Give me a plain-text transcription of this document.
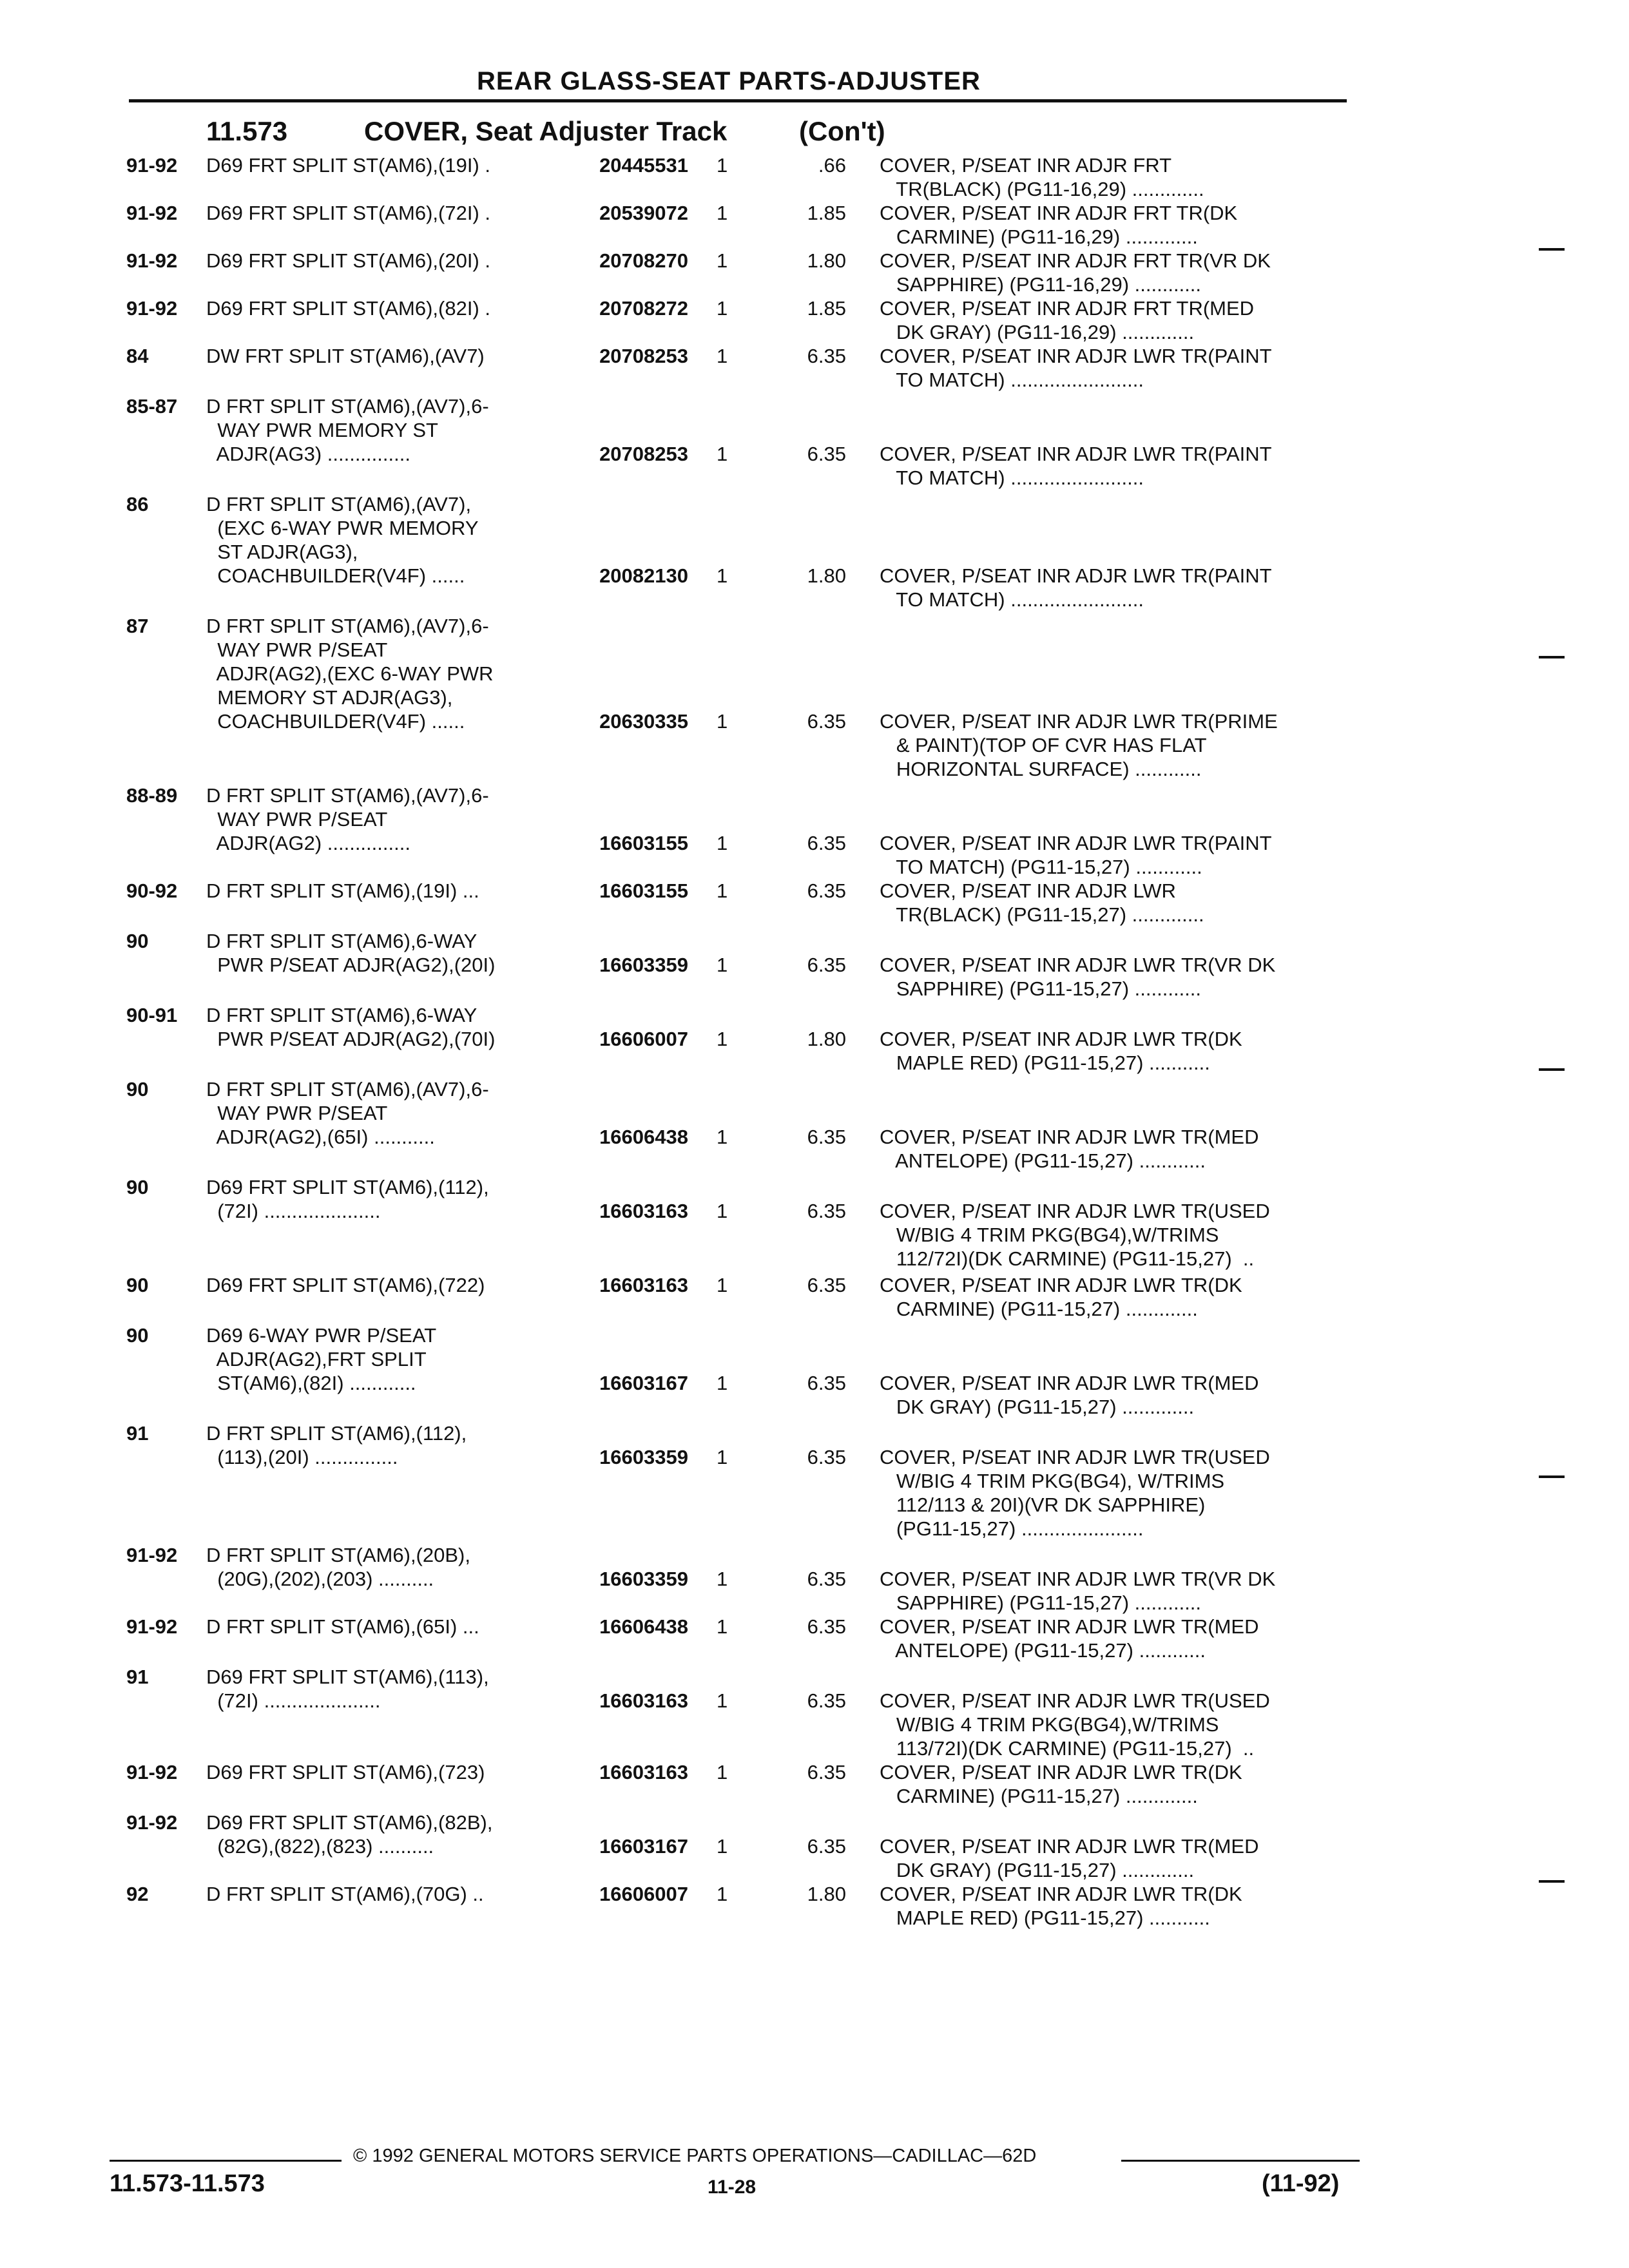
REAR GLASS-SEAT PARTS-ADJUSTER
11.573	COVER, Seat Adjuster Track	(Con't)
91-92	D69 FRT SPLIT ST(AM6),(19I) .	20445531	1	.66	COVER, P/SEAT INR ADJR FRT
TR(BLACK) (PG11-16,29) .............
91-92	D69 FRT SPLIT ST(AM6),(72I) .	20539072	1	1.85	COVER, P/SEAT INR ADJR FRT TR(DK
CARMINE) (PG11-16,29) .............
91-92	D69 FRT SPLIT ST(AM6),(20I) .	20708270	1	1.80	COVER, P/SEAT INR ADJR FRT TR(VR DK
SAPPHIRE) (PG11-16,29) ............
91-92	D69 FRT SPLIT ST(AM6),(82I) .	20708272	1	1.85	COVER, P/SEAT INR ADJR FRT TR(MED
DK GRAY) (PG11-16,29) .............
84	DW FRT SPLIT ST(AM6),(AV7)	20708253	1	6.35	COVER, P/SEAT INR ADJR LWR TR(PAINT
TO MATCH) ........................
85-87	D FRT SPLIT ST(AM6),(AV7),6-
WAY PWR MEMORY ST
ADJR(AG3) ...............	20708253	1	6.35	COVER, P/SEAT INR ADJR LWR TR(PAINT
TO MATCH) ........................
86	D FRT SPLIT ST(AM6),(AV7),
(EXC 6-WAY PWR MEMORY
ST ADJR(AG3),
COACHBUILDER(V4F) ......	20082130	1	1.80	COVER, P/SEAT INR ADJR LWR TR(PAINT
TO MATCH) ........................
87	D FRT SPLIT ST(AM6),(AV7),6-
WAY PWR P/SEAT
ADJR(AG2),(EXC 6-WAY PWR
MEMORY ST ADJR(AG3),
COACHBUILDER(V4F) ......	20630335	1	6.35	COVER, P/SEAT INR ADJR LWR TR(PRIME
& PAINT)(TOP OF CVR HAS FLAT
HORIZONTAL SURFACE) ............
88-89	D FRT SPLIT ST(AM6),(AV7),6-
WAY PWR P/SEAT
ADJR(AG2) ...............	16603155	1	6.35	COVER, P/SEAT INR ADJR LWR TR(PAINT
TO MATCH) (PG11-15,27) ............
90-92	D FRT SPLIT ST(AM6),(19I) ...	16603155	1	6.35	COVER, P/SEAT INR ADJR LWR
TR(BLACK) (PG11-15,27) .............
90	D FRT SPLIT ST(AM6),6-WAY
PWR P/SEAT ADJR(AG2),(20I)	16603359	1	6.35	COVER, P/SEAT INR ADJR LWR TR(VR DK
SAPPHIRE) (PG11-15,27) ............
90-91	D FRT SPLIT ST(AM6),6-WAY
PWR P/SEAT ADJR(AG2),(70I)	16606007	1	1.80	COVER, P/SEAT INR ADJR LWR TR(DK
MAPLE RED) (PG11-15,27) ...........
90	D FRT SPLIT ST(AM6),(AV7),6-
WAY PWR P/SEAT
ADJR(AG2),(65I) ...........	16606438	1	6.35	COVER, P/SEAT INR ADJR LWR TR(MED
ANTELOPE) (PG11-15,27) ............
90	D69 FRT SPLIT ST(AM6),(112),
(72I) .....................	16603163	1	6.35	COVER, P/SEAT INR ADJR LWR TR(USED
W/BIG 4 TRIM PKG(BG4),W/TRIMS
112/72I)(DK CARMINE) (PG11-15,27)  ..
90	D69 FRT SPLIT ST(AM6),(722)	16603163	1	6.35	COVER, P/SEAT INR ADJR LWR TR(DK
CARMINE) (PG11-15,27) .............
90	D69 6-WAY PWR P/SEAT
ADJR(AG2),FRT SPLIT
ST(AM6),(82I) ............	16603167	1	6.35	COVER, P/SEAT INR ADJR LWR TR(MED
DK GRAY) (PG11-15,27) .............
91	D FRT SPLIT ST(AM6),(112),
(113),(20I) ...............	16603359	1	6.35	COVER, P/SEAT INR ADJR LWR TR(USED
W/BIG 4 TRIM PKG(BG4), W/TRIMS
112/113 & 20I)(VR DK SAPPHIRE)
(PG11-15,27) ......................
91-92	D FRT SPLIT ST(AM6),(20B),
(20G),(202),(203) ..........	16603359	1	6.35	COVER, P/SEAT INR ADJR LWR TR(VR DK
SAPPHIRE) (PG11-15,27) ............
91-92	D FRT SPLIT ST(AM6),(65I) ...	16606438	1	6.35	COVER, P/SEAT INR ADJR LWR TR(MED
ANTELOPE) (PG11-15,27) ............
91	D69 FRT SPLIT ST(AM6),(113),
(72I) .....................	16603163	1	6.35	COVER, P/SEAT INR ADJR LWR TR(USED
W/BIG 4 TRIM PKG(BG4),W/TRIMS
113/72I)(DK CARMINE) (PG11-15,27)  ..
91-92	D69 FRT SPLIT ST(AM6),(723)	16603163	1	6.35	COVER, P/SEAT INR ADJR LWR TR(DK
CARMINE) (PG11-15,27) .............
91-92	D69 FRT SPLIT ST(AM6),(82B),
(82G),(822),(823) ..........	16603167	1	6.35	COVER, P/SEAT INR ADJR LWR TR(MED
DK GRAY) (PG11-15,27) .............
92	D FRT SPLIT ST(AM6),(70G) ..	16606007	1	1.80	COVER, P/SEAT INR ADJR LWR TR(DK
MAPLE RED) (PG11-15,27) ...........
© 1992 GENERAL MOTORS SERVICE PARTS OPERATIONS—CADILLAC—62D
11.573-11.573	11-28	(11-92)
